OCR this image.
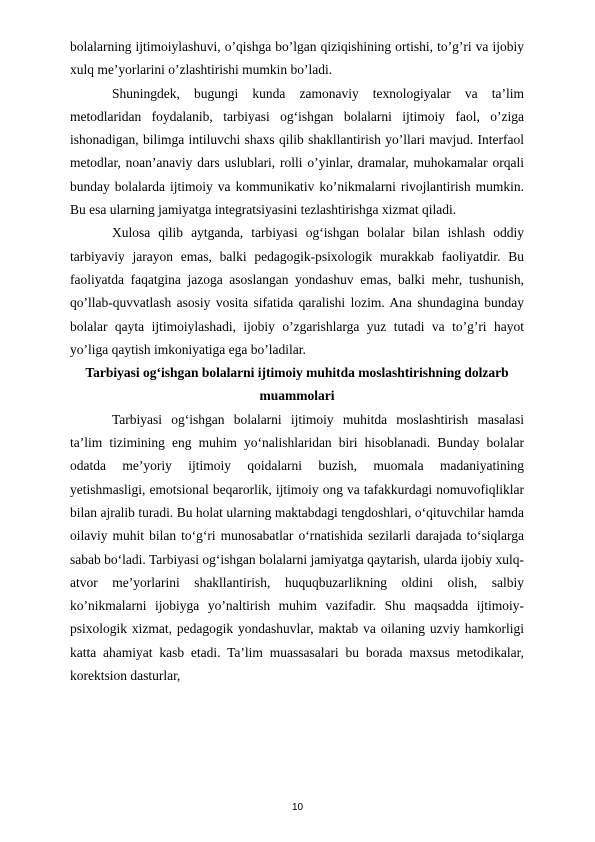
bolalarning ijtimoiylashuvi, o’qishga bo’lgan qiziqishining ortishi, to’g’ri va ijobiy xulq me’yorlarini o’zlashtirishi mumkin bo’ladi.

Shuningdek, bugungi kunda zamonaviy texnologiyalar va ta’lim metodlaridan foydalanib, tarbiyasi og‘ishgan bolalarni ijtimoiy faol, o’ziga ishonadigan, bilimga intiluvchi shaxs qilib shakllantirish yo’llari mavjud. Interfaol metodlar, noan’anaviy dars uslublari, rolli o’yinlar, dramalar, muhokamalar orqali bunday bolalarda ijtimoiy va kommunikativ ko’nikmalarni rivojlantirish mumkin. Bu esa ularning jamiyatga integratsiyasini tezlashtirishga xizmat qiladi.

Xulosa qilib aytganda, tarbiyasi og‘ishgan bolalar bilan ishlash oddiy tarbiyaviy jarayon emas, balki pedagogik-psixologik murakkab faoliyatdir. Bu faoliyatda faqatgina jazoga asoslangan yondashuv emas, balki mehr, tushunish, qo’llab-quvvatlash asosiy vosita sifatida qaralishi lozim. Ana shundagina bunday bolalar qayta ijtimoiylashadi, ijobiy o’zgarishlarga yuz tutadi va to’g’ri hayot yo’liga qaytish imkoniyatiga ega bo’ladilar.

Tarbiyasi og‘ishgan bolalarni ijtimoiy muhitda moslashtirishning dolzarb muammolari

Tarbiyasi og‘ishgan bolalarni ijtimoiy muhitda moslashtirish masalasi ta’lim tizimining eng muhim yo‘nalishlaridan biri hisoblanadi. Bunday bolalar odatda me’yoriy ijtimoiy qoidalarni buzish, muomala madaniyatining yetishmasligi, emotsional beqarorlik, ijtimoiy ong va tafakkurdagi nomuvofiqliklar bilan ajralib turadi. Bu holat ularning maktabdagi tengdoshlari, o‘qituvchilar hamda oilaviy muhit bilan to‘g‘ri munosabatlar o‘rnatishida sezilarli darajada to‘siqlarga sabab bo‘ladi. Tarbiyasi og‘ishgan bolalarni jamiyatga qaytarish, ularda ijobiy xulq-atvor me’yorlarini shakllantirish, huquqbuzarlikning oldini olish, salbiy ko’nikmalarni ijobiyga yo’naltirish muhim vazifadir. Shu maqsadda ijtimoiy-psixologik xizmat, pedagogik yondashuvlar, maktab va oilaning uzviy hamkorligi katta ahamiyat kasb etadi. Ta’lim muassasalari bu borada maxsus metodikalar, korektsion dasturlar,

10
